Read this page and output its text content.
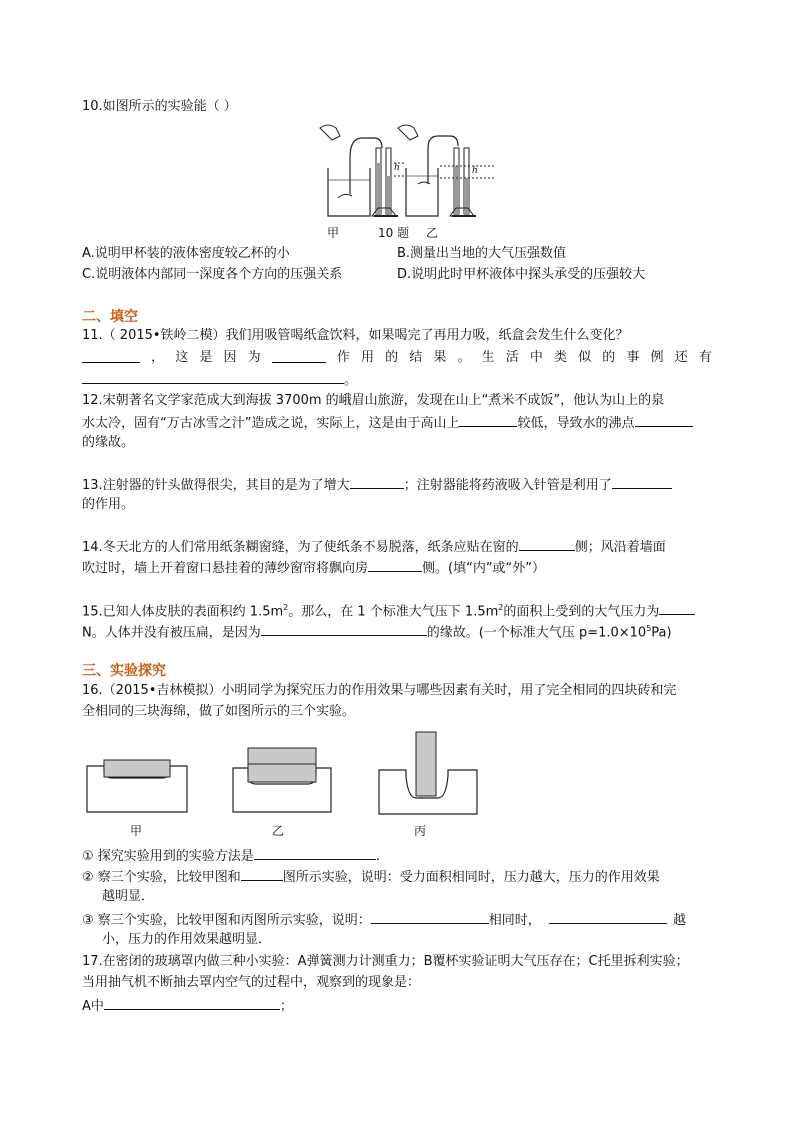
10.如图所示的实验能（ ）
h	h
甲	10 题 乙
A.说明甲杯装的液体密度较乙杯的小	B.测量出当地的大气压强数值
C.说明液体内部同一深度各个方向的压强关系	D.说明此时甲杯液体中探头承受的压强较大
二、填空
11.（ 2015•铁岭二模）我们用吸管喝纸盒饮料，如果喝完了再用力吸，纸盒会发生什么变化？
， 这 是 因 为	作 用 的 结 果 。 生 活 中 类 似 的 事 例 还 有
。
12.宋朝著名文学家范成大到海拔 3700m 的峨眉山旅游，发现在山上“煮米不成饭”，他认为山上的泉
水太冷，固有“万古冰雪之汁”造成之说，实际上，这是由于高山上	较低，导致水的沸点
的缘故。
13.注射器的针头做得很尖，其目的是为了增大	；注射器能将药液吸入针管是利用了
的作用。
14.冬天北方的人们常用纸条糊窗缝，为了使纸条不易脱落，纸条应贴在窗的	侧；风沿着墙面
吹过时，墙上开着窗口悬挂着的薄纱窗帘将飘向房	侧。(填“内”或“外”）
15.已知人体皮肤的表面积约 $1.5m^2$。那么，在 1 个标准大气压下 $1.5m^2$的面积上受到的大气压力为
N。人体并没有被压扁，是因为	的缘故。(一个标准大气压 $p=1.0\times 10^5Pa$)
三、实验探究
16.（2015•吉林模拟）小明同学为探究压力的作用效果与哪些因素有关时，用了完全相同的四块砖和完
全相同的三块海绵，做了如图所示的三个实验。
甲	乙	丙
① 探究实验用到的实验方法是	.
② 察三个实验，比较甲图和	图所示实验，说明：受力面积相同时，压力越大，压力的作用效果
越明显．
③ 察三个实验，比较甲图和丙图所示实验，说明：	相同时，	越
小，压力的作用效果越明显．
17.在密闭的玻璃罩内做三种小实验：A弹簧测力计测重力；B覆杯实验证明大气压存在；C托里拆利实验；
当用抽气机不断抽去罩内空气的过程中，观察到的现象是：
A中	；
